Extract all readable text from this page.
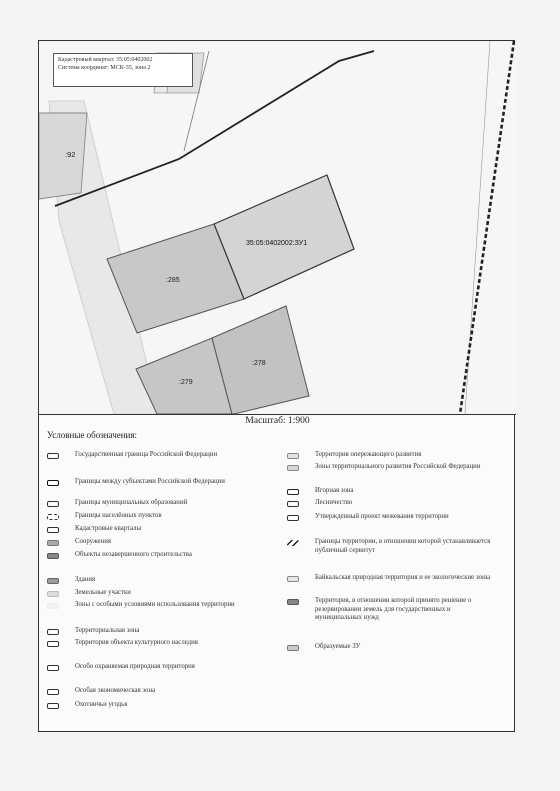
:92
:285
35:05:0402002:ЗУ1
:279
:278
Кадастровый квартал: 35:05:0402002
Система координат: МСК-35, зона 2
Масштаб: 1:900
Условные обозначения:
Государственная граница Российской Федерации
Границы между субъектами Российской Федерации
Границы муниципальных образований
Границы населённых пунктов
Кадастровые кварталы
Сооружения
Объекты незавершенного строительства
Здания
Земельные участки
Зоны с особыми условиями использования территории
Территориальная зона
Территория объекта культурного наследия
Особо охраняемая природная территория
Особая экономическая зона
Охотничьи угодья
Территория опережающего развития
Зоны территориального развития Российской Федерации
Игорная зона
Лесничество
Утвержденный проект межевания территории
Границы территории, в отношении которой устанавливается публичный сервитут
Байкальская природная территория и ее экологические зоны
Территория, в отношении которой принято решение о резервировании земель для государственных и муниципальных нужд
Образуемые ЗУ
